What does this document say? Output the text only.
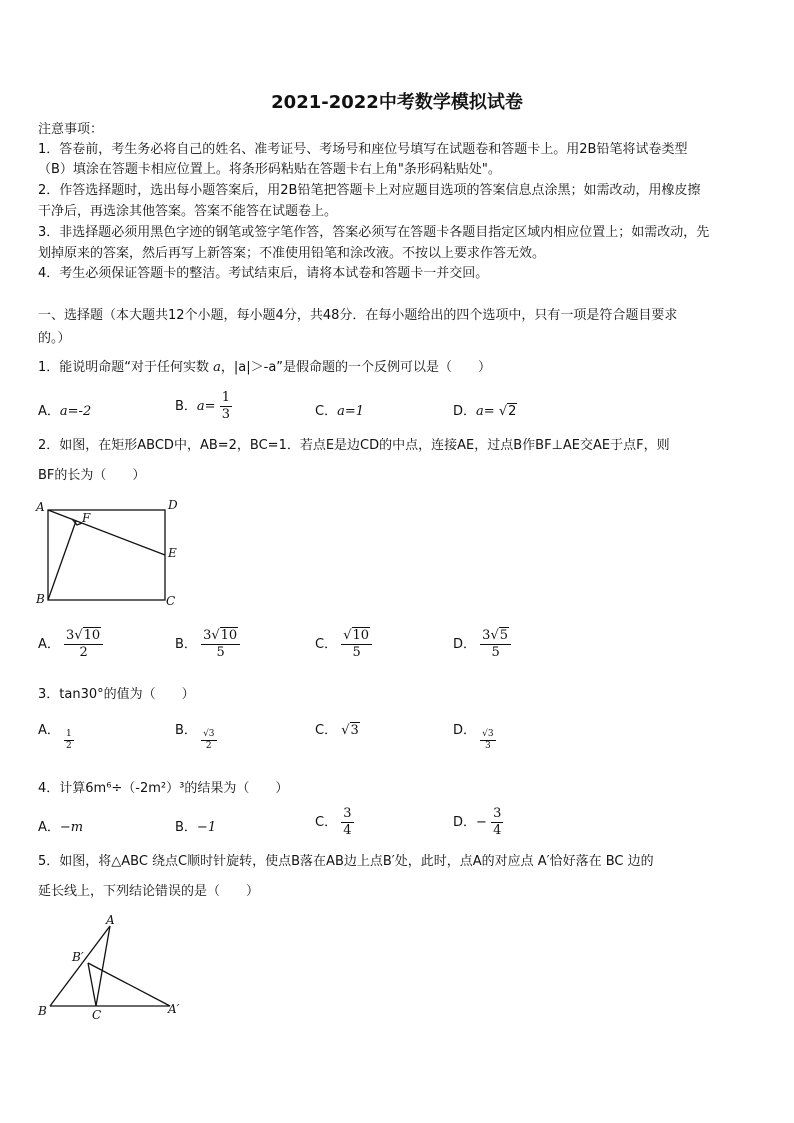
2021-2022中考数学模拟试卷
注意事项：
1．答卷前，考生务必将自己的姓名、准考证号、考场号和座位号填写在试题卷和答题卡上。用2B铅笔将试卷类型
（B）填涂在答题卡相应位置上。将条形码粘贴在答题卡右上角"条形码粘贴处"。
2．作答选择题时，选出每小题答案后，用2B铅笔把答题卡上对应题目选项的答案信息点涂黑；如需改动，用橡皮擦
干净后，再选涂其他答案。答案不能答在试题卷上。
3．非选择题必须用黑色字迹的钢笔或签字笔作答，答案必须写在答题卡各题目指定区域内相应位置上；如需改动，先
划掉原来的答案，然后再写上新答案；不准使用铅笔和涂改液。不按以上要求作答无效。
4．考生必须保证答题卡的整洁。考试结束后，请将本试卷和答题卡一并交回。
一、选择题（本大题共12个小题，每小题4分，共48分．在每小题给出的四个选项中，只有一项是符合题目要求
的。）
1．能说明命题“对于任何实数 a，|a|＞-a”是假命题的一个反例可以是（　　）
A．a=-2	B．$a= \frac{1}{3}$	C．a=1	D．a= √2
2．如图，在矩形ABCD中，AB=2，BC=1．若点E是边CD的中点，连接AE，过点B作BF⊥AE交AE于点F，则
BF的长为（　　）
A	D
E
F
B	C
A． $\frac{3√10}{2}$	B． $\frac{3√10}{5}$	C． $\frac{√10}{5}$	D． $\frac{3√5}{5}$
3．tan30°的值为（　　）
A． $\frac{1}{2}$	B． $\frac{√3}{2}$	C． √3	D． $\frac{√3}{3}$
4．计算6m⁶÷（-2m²）³的结果为（　　）
A．−m	B．−1	C． $\frac{3}{4}$	D．− $\frac{3}{4}$
5．如图，将△ABC 绕点C顺时针旋转，使点B落在AB边上点B′处，此时，点A的对应点 A′恰好落在 BC 边的
延长线上，下列结论错误的是（　　）
A
B′
B	C	A′
